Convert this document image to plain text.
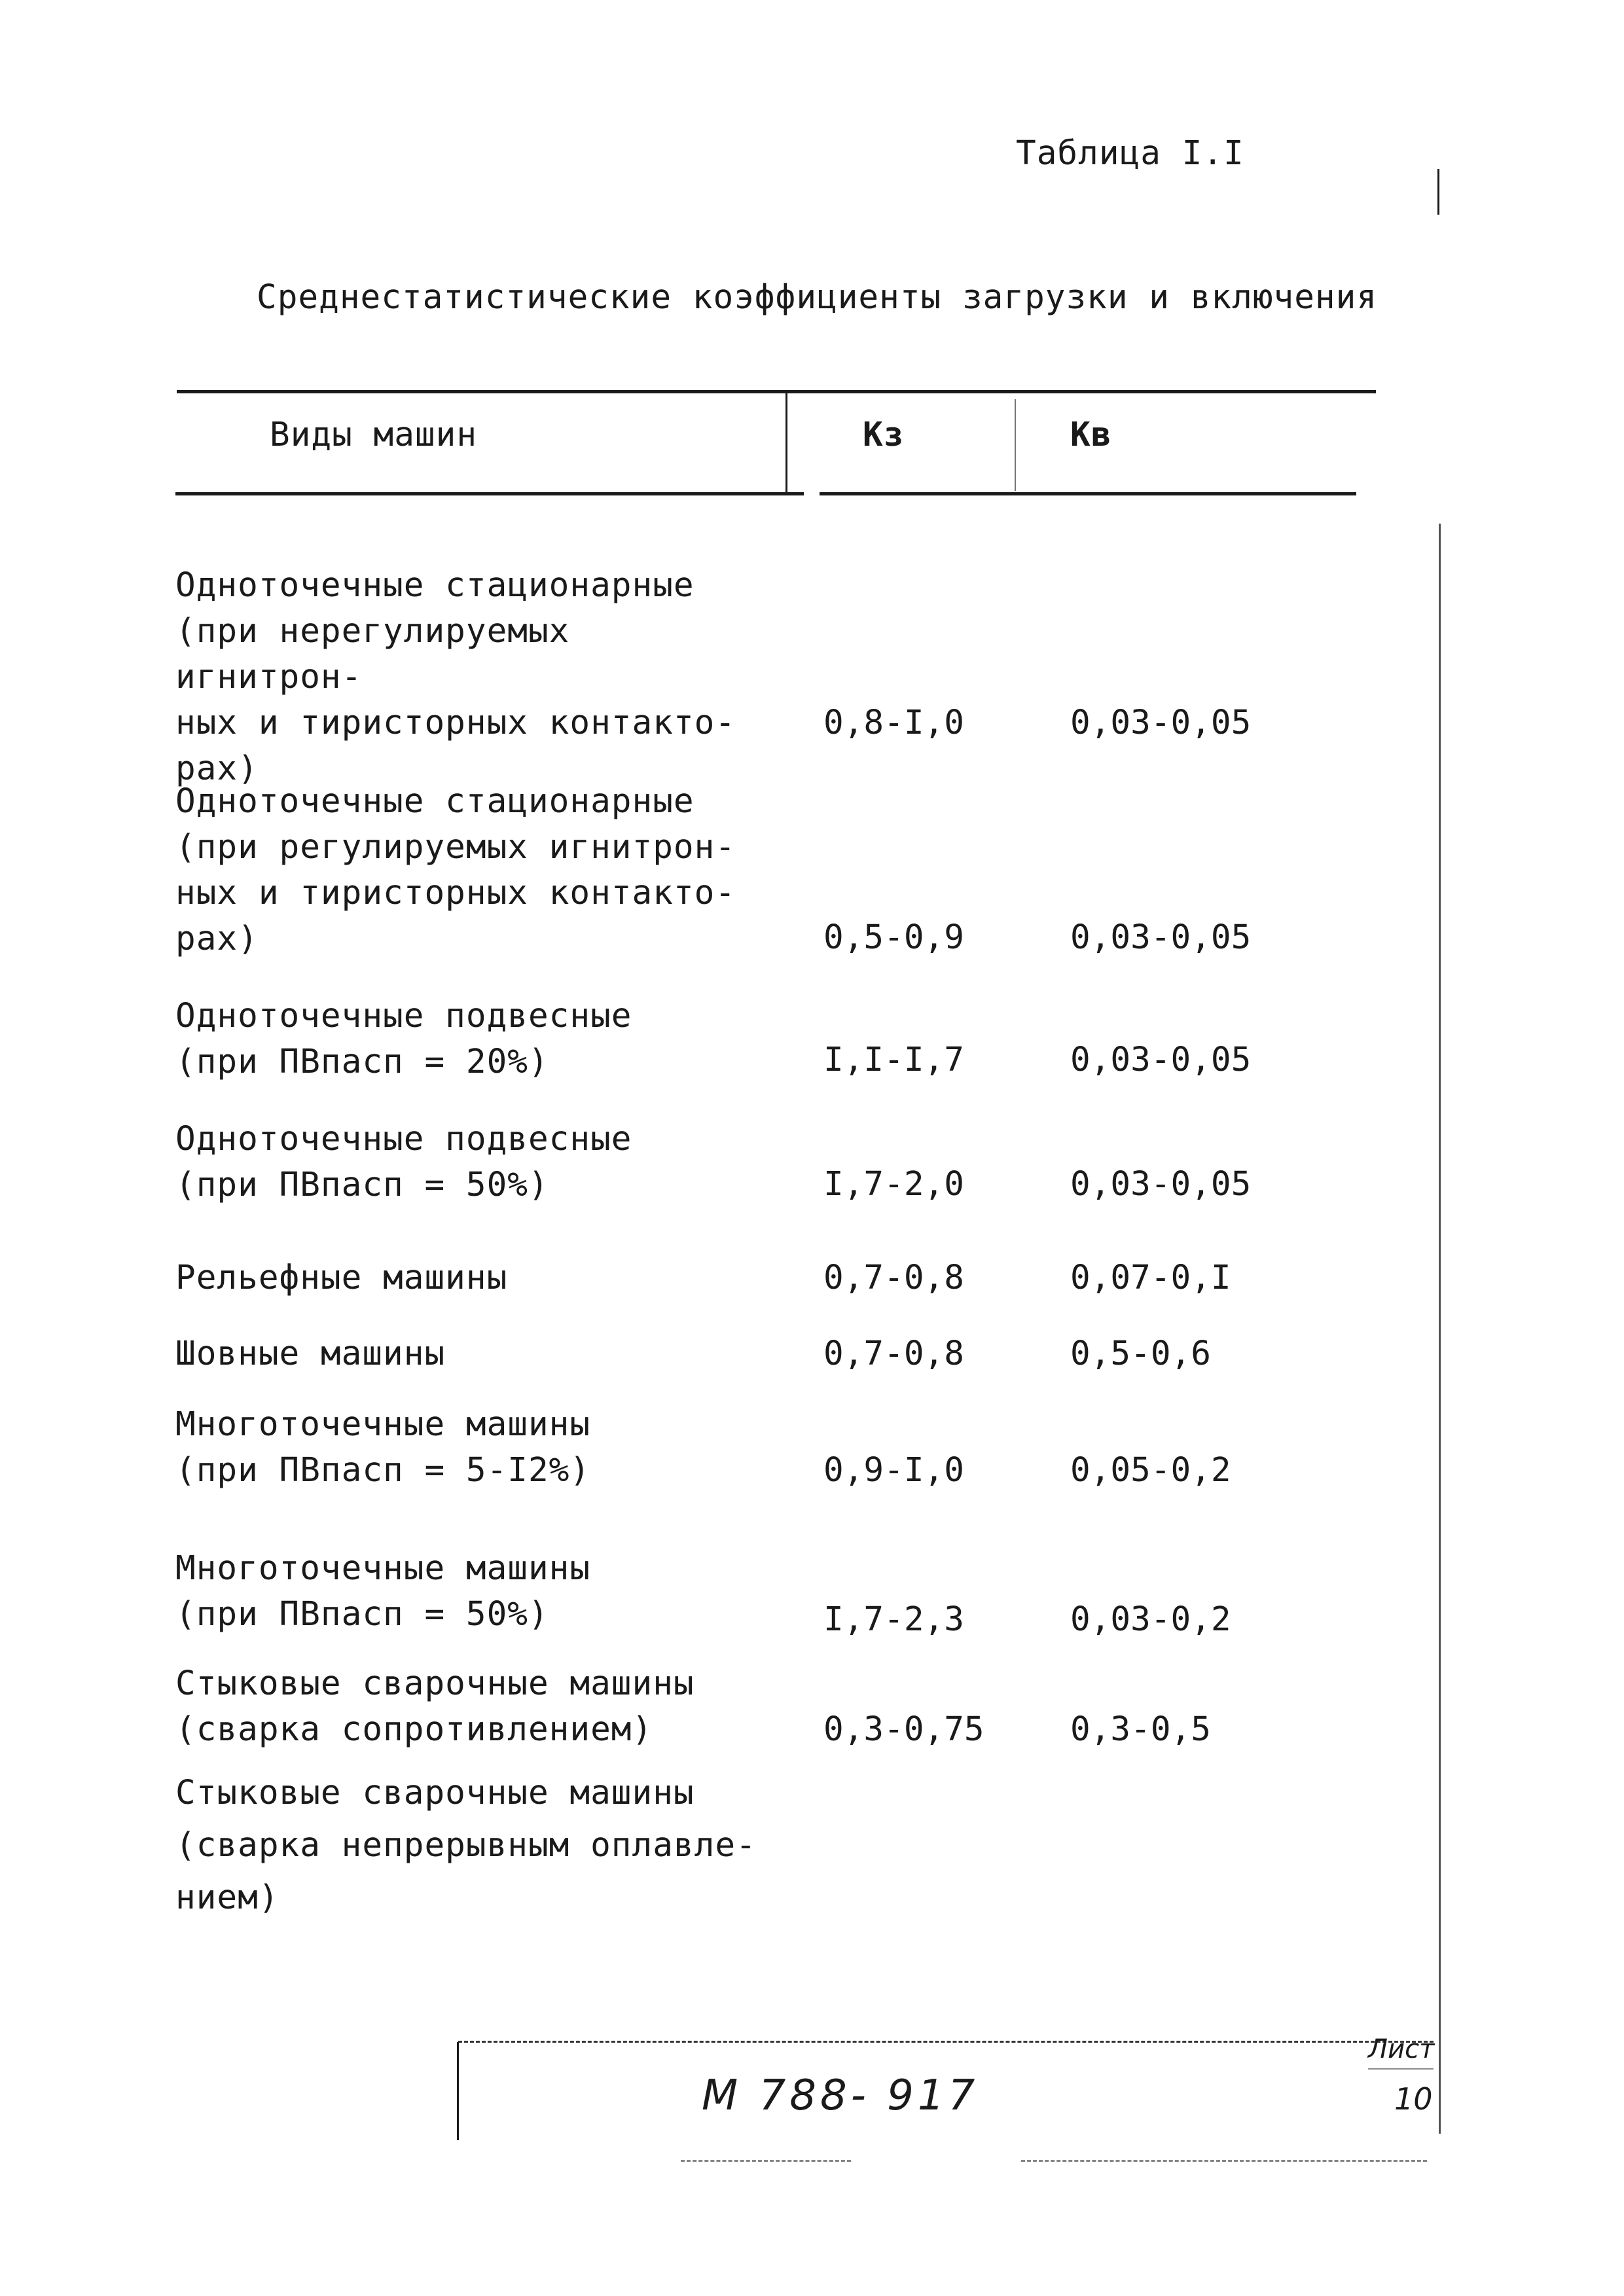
Таблица I.I
Среднестатистические коэффициенты загрузки и включения
Виды машин	Кз	Кв
Одноточечные стационарные
(при нерегулируемых игнитрон-
ных и тиристорных контакто-
рах)
0,8-I,0	0,03-0,05
Одноточечные стационарные
(при регулируемых игнитрон-
ных и тиристорных контакто-
рах)	0,5-0,9	0,03-0,05
Одноточечные подвесные
(при ПВпасп = 20%)	I,I-I,7	0,03-0,05
Одноточечные подвесные
(при ПВпасп = 50%)	I,7-2,0	0,03-0,05
Рельефные машины	0,7-0,8	0,07-0,I
Шовные машины	0,7-0,8	0,5-0,6
Многоточечные машины
(при ПВпасп = 5-I2%)	0,9-I,0	0,05-0,2
Многоточечные машины
(при ПВпасп = 50%)	I,7-2,3	0,03-0,2
Стыковые сварочные машины
(сварка сопротивлением)	0,3-0,75	0,3-0,5
Стыковые сварочные машины
(сварка непрерывным оплавле-
нием)
М 788- 917
Лист
10
